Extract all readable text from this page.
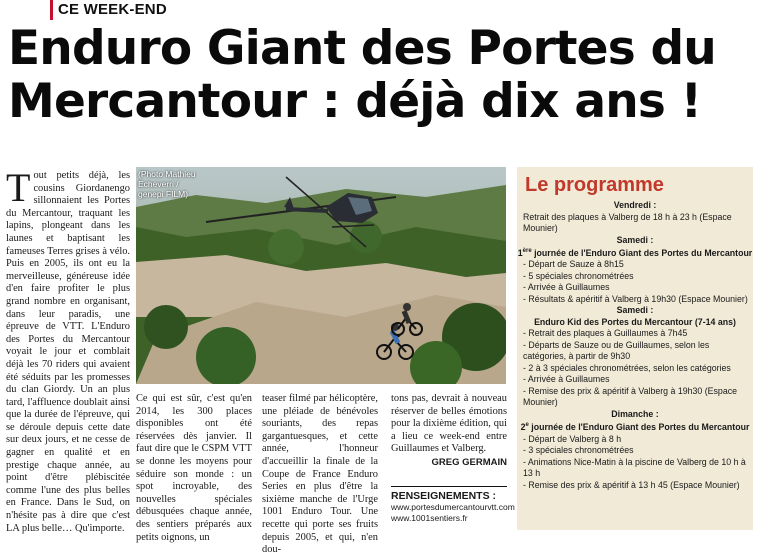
CE WEEK-END
Enduro Giant des Portes du Mercantour : déjà dix ans !

Tout petits déjà, les cousins Giordanengo sillonnaient les Portes du Mercantour, traquant les lapins, plongeant dans les launes et baptisant les fameuses Terres grises à vélo. Puis en 2005, ils ont eu la merveilleuse, généreuse idée d'en faire profiter le plus grand nombre en organisant, dans leur paradis, une épreuve de VTT. L'Enduro des Portes du Mercantour voyait le jour et comblait déjà les 70 riders qui avaient été séduits par les promesses du clan Giordy. Un an plus tard, l'affluence doublait ainsi que la durée de l'épreuve, qui se déroule depuis cette date sur deux jours, et ne cesse de gagner en qualité et en prestige chaque année, au point d'être plébiscitée comme l'une des plus belles en France. Dans le Sud, on n'hésite pas à dire que c'est LA plus belle… Qu'importe.

(Photo Mathieu Echeverri / genepi FILM)

Ce qui est sûr, c'est qu'en 2014, les 300 places disponibles ont été réservées dès janvier. Il faut dire que le CSPM VTT se donne les moyens pour séduire son monde : un spot incroyable, des nouvelles spéciales débusquées chaque année, des sentiers préparés aux petits oignons, un

teaser filmé par hélicoptère, une pléiade de bénévoles souriants, des repas gargantuesques, et cette année, l'honneur d'accueillir la finale de la Coupe de France Enduro Series en plus d'être la sixième manche de l'Urge 1001 Enduro Tour. Une recette qui porte ses fruits depuis 2005, et qui, n'en dou-

tons pas, devrait à nouveau réserver de belles émotions pour la dixième édition, qui a lieu ce week-end entre Guillaumes et Valberg.

GREG GERMAIN

RENSEIGNEMENTS :

www.portesdumercantourvtt.com

www.1001sentiers.fr

Le programme

Vendredi :

Retrait des plaques à Valberg de 18 h à 23 h (Espace Mounier)

Samedi :

1ère journée de l'Enduro Giant des Portes du Mercantour

- Départ de Sauze à 8h15

- 5 spéciales chronométrées

- Arrivée à Guillaumes

- Résultats & apéritif à Valberg à 19h30 (Espace Mounier)

Samedi :

Enduro Kid des Portes du Mercantour (7-14 ans)

- Retrait des plaques à Guillaumes à 7h45

- Départs de Sauze ou de Guillaumes, selon les catégories, à partir de 9h30

- 2 à 3 spéciales chronométrées, selon les catégories

- Arrivée à Guillaumes

- Remise des prix & apéritif à Valberg à 19h30 (Espace Mounier)

Dimanche :

2e journée de l'Enduro Giant des Portes du Mercantour

- Départ de Valberg à 8 h

- 3 spéciales chronométrées

- Animations Nice-Matin à la piscine de Valberg de 10 h à 13 h

- Remise des prix & apéritif à 13 h 45 (Espace Mounier)
